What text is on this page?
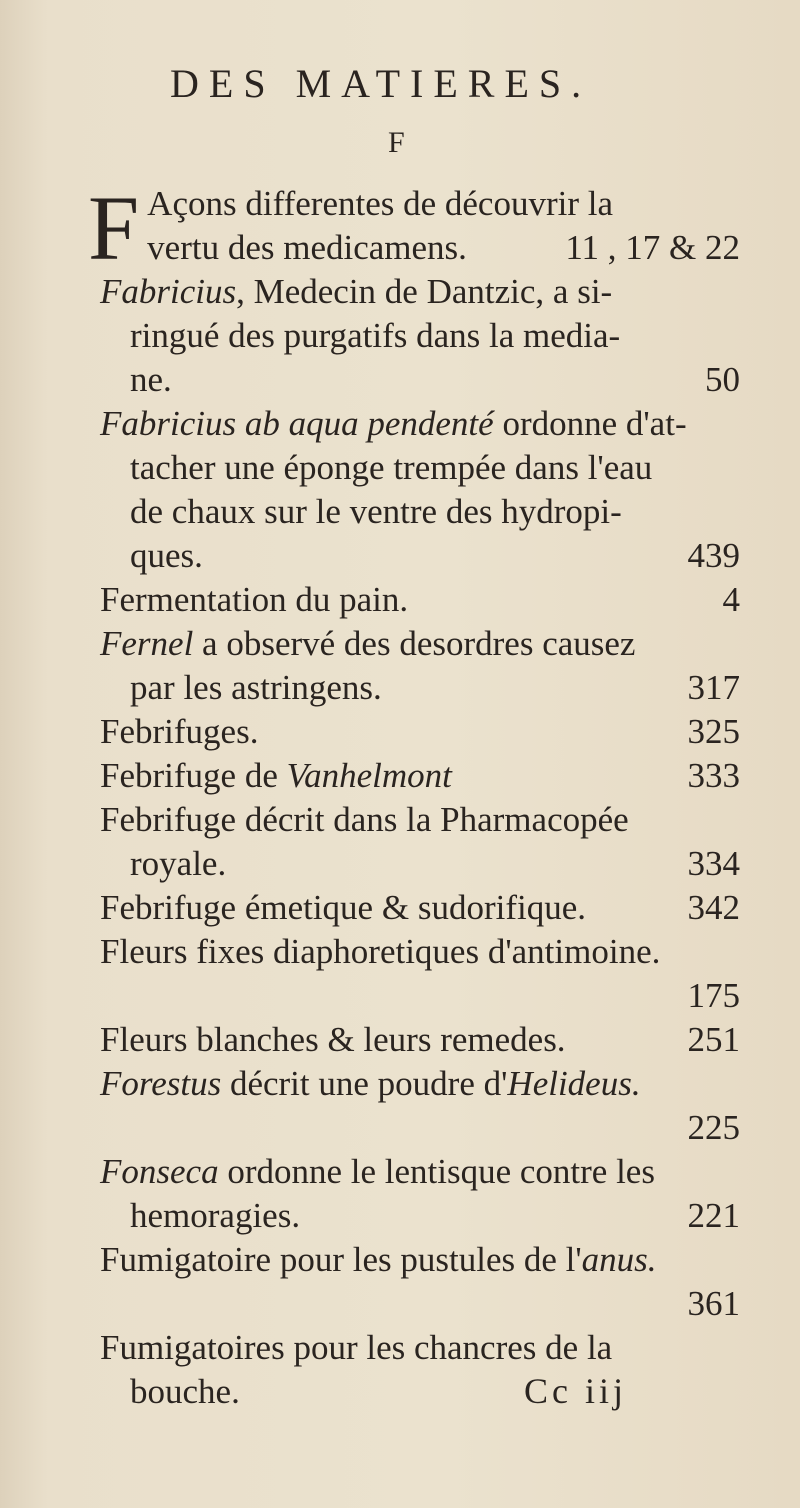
DES MATIERES.
F
F Açons differentes de découvrir la
vertu des medicamens.	11 , 17 & 22
Fabricius, Medecin de Dantzic, a si-
ringué des purgatifs dans la media-
ne.	50
Fabricius ab aqua pendenté ordonne d'at-
tacher une éponge trempée dans l'eau
de chaux sur le ventre des hydropi-
ques.	439
Fermentation du pain.	4
Fernel a observé des desordres causez
par les astringens.	317
Febrifuges.	325
Febrifuge de Vanhelmont	333
Febrifuge décrit dans la Pharmacopée
royale.	334
Febrifuge émetique & sudorifique.	342
Fleurs fixes diaphoretiques d'antimoine.
175

Fleurs blanches & leurs remedes.	251
Forestus décrit une poudre d'Helideus.
225

Fonseca ordonne le lentisque contre les
hemoragies.	221
Fumigatoire pour les pustules de l'anus.
361

Fumigatoires pour les chancres de la
bouche.	Cc iij
